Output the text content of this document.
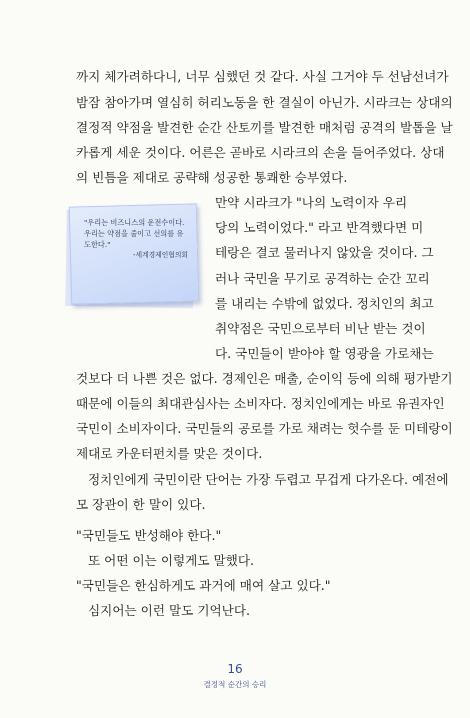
까지 체가려하다니, 너무 심했던 것 같다. 사실 그거야 두 선남선녀가
밤잠 참아가며 열심히 허리노동을 한 결실이 아닌가. 시라크는 상대의
결정적 약점을 발견한 순간 산토끼를 발견한 매처럼 공격의 발톱을 날
카롭게 세운 것이다. 어른은 곧바로 시라크의 손을 들어주었다. 상대
의 빈틈을 제대로 공략해 성공한 통쾌한 승부였다.
"우리는 비즈니스의 운전수이다. 우리는 약점을 줄이고 선의를 유도한다."
-세계경제인협의회
만약 시라크가 "나의 노력이자 우리
당의 노력이었다." 라고 반격했다면 미
테랑은 결코 물러나지 않았을 것이다. 그
러나 국민을 무기로 공격하는 순간 꼬리
를 내리는 수밖에 없었다. 정치인의 최고
취약점은 국민으로부터 비난 받는 것이
다. 국민들이 받아야 할 영광을 가로채는
것보다 더 나쁜 것은 없다. 경제인은 매출, 순이익 등에 의해 평가받기
때문에 이들의 최대관심사는 소비자다. 정치인에게는 바로 유권자인
국민이 소비자이다. 국민들의 공로를 가로 채려는 헛수를 둔 미테랑이
제대로 카운터펀치를 맞은 것이다.
정치인에게 국민이란 단어는 가장 두렵고 무겁게 다가온다. 예전에
모 장관이 한 말이 있다.
"국민들도 반성해야 한다."
또 어떤 이는 이렇게도 말했다.
"국민들은 한심하게도 과거에 매여 살고 있다."
심지어는 이런 말도 기억난다.
16
결정적 순간의 승리
